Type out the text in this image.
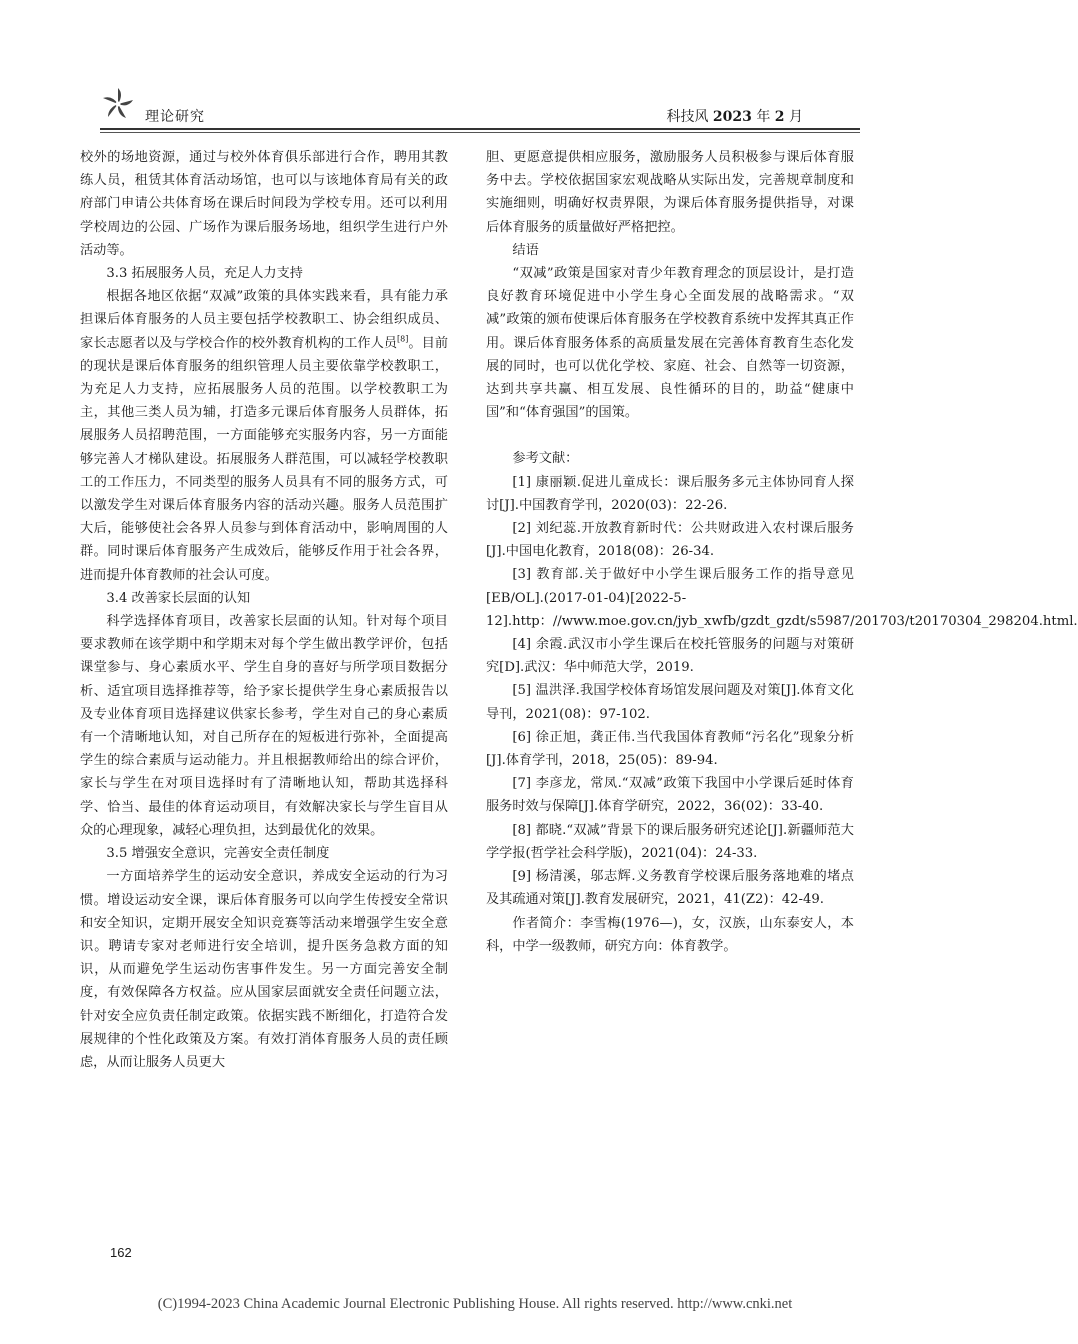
理论研究	科技风 2023 年 2 月

校外的场地资源，通过与校外体育俱乐部进行合作，聘用其教练人员，租赁其体育活动场馆，也可以与该地体育局有关的政府部门申请公共体育场在课后时间段为学校专用。还可以利用学校周边的公园、广场作为课后服务场地，组织学生进行户外活动等。

3.3 拓展服务人员，充足人力支持

根据各地区依据“双减”政策的具体实践来看，具有能力承担课后体育服务的人员主要包括学校教职工、协会组织成员、家长志愿者以及与学校合作的校外教育机构的工作人员[8]。目前的现状是课后体育服务的组织管理人员主要依靠学校教职工，为充足人力支持，应拓展服务人员的范围。以学校教职工为主，其他三类人员为辅，打造多元课后体育服务人员群体，拓展服务人员招聘范围，一方面能够充实服务内容，另一方面能够完善人才梯队建设。拓展服务人群范围，可以减轻学校教职工的工作压力，不同类型的服务人员具有不同的服务方式，可以激发学生对课后体育服务内容的活动兴趣。服务人员范围扩大后，能够使社会各界人员参与到体育活动中，影响周围的人群。同时课后体育服务产生成效后，能够反作用于社会各界，进而提升体育教师的社会认可度。

3.4 改善家长层面的认知

科学选择体育项目，改善家长层面的认知。针对每个项目要求教师在该学期中和学期末对每个学生做出教学评价，包括课堂参与、身心素质水平、学生自身的喜好与所学项目数据分析、适宜项目选择推荐等，给予家长提供学生身心素质报告以及专业体育项目选择建议供家长参考，学生对自己的身心素质有一个清晰地认知，对自己所存在的短板进行弥补，全面提高学生的综合素质与运动能力。并且根据教师给出的综合评价，家长与学生在对项目选择时有了清晰地认知，帮助其选择科学、恰当、最佳的体育运动项目，有效解决家长与学生盲目从众的心理现象，减轻心理负担，达到最优化的效果。

3.5 增强安全意识，完善安全责任制度

一方面培养学生的运动安全意识，养成安全运动的行为习惯。增设运动安全课，课后体育服务可以向学生传授安全常识和安全知识，定期开展安全知识竞赛等活动来增强学生安全意识。聘请专家对老师进行安全培训，提升医务急救方面的知识，从而避免学生运动伤害事件发生。另一方面完善安全制度，有效保障各方权益。应从国家层面就安全责任问题立法，针对安全应负责任制定政策。依据实践不断细化，打造符合发展规律的个性化政策及方案。有效打消体育服务人员的责任顾虑，从而让服务人员更大

胆、更愿意提供相应服务，激励服务人员积极参与课后体育服务中去。学校依据国家宏观战略从实际出发，完善规章制度和实施细则，明确好权责界限，为课后体育服务提供指导，对课后体育服务的质量做好严格把控。

结语

“双减”政策是国家对青少年教育理念的顶层设计，是打造良好教育环境促进中小学生身心全面发展的战略需求。“双减”政策的颁布使课后体育服务在学校教育系统中发挥其真正作用。课后体育服务体系的高质量发展在完善体育教育生态化发展的同时，也可以优化学校、家庭、社会、自然等一切资源，达到共享共赢、相互发展、良性循环的目的，助益“健康中国”和“体育强国”的国策。

参考文献：

[1] 康丽颖.促进儿童成长：课后服务多元主体协同育人探讨[J].中国教育学刊，2020(03)：22-26.

[2] 刘纪蕊.开放教育新时代：公共财政进入农村课后服务[J].中国电化教育，2018(08)：26-34.

[3] 教育部.关于做好中小学生课后服务工作的指导意见[EB/OL].(2017-01-04)[2022-5-12].http：//www.moe.gov.cn/jyb_xwfb/gzdt_gzdt/s5987/201703/t20170304_298204.html.

[4] 余霞.武汉市小学生课后在校托管服务的问题与对策研究[D].武汉：华中师范大学，2019.

[5] 温洪泽.我国学校体育场馆发展问题及对策[J].体育文化导刊，2021(08)：97-102.

[6] 徐正旭，龚正伟.当代我国体育教师“污名化”现象分析[J].体育学刊，2018，25(05)：89-94.

[7] 李彦龙，常凤.“双减”政策下我国中小学课后延时体育服务时效与保障[J].体育学研究，2022，36(02)：33-40.

[8] 都晓.“双减”背景下的课后服务研究述论[J].新疆师范大学学报(哲学社会科学版)，2021(04)：24-33.

[9] 杨清溪，邬志辉.义务教育学校课后服务落地难的堵点及其疏通对策[J].教育发展研究，2021，41(Z2)：42-49.

作者简介：李雪梅(1976—)，女，汉族，山东泰安人，本科，中学一级教师，研究方向：体育教学。

162
(C)1994-2023 China Academic Journal Electronic Publishing House. All rights reserved. http://www.cnki.net
